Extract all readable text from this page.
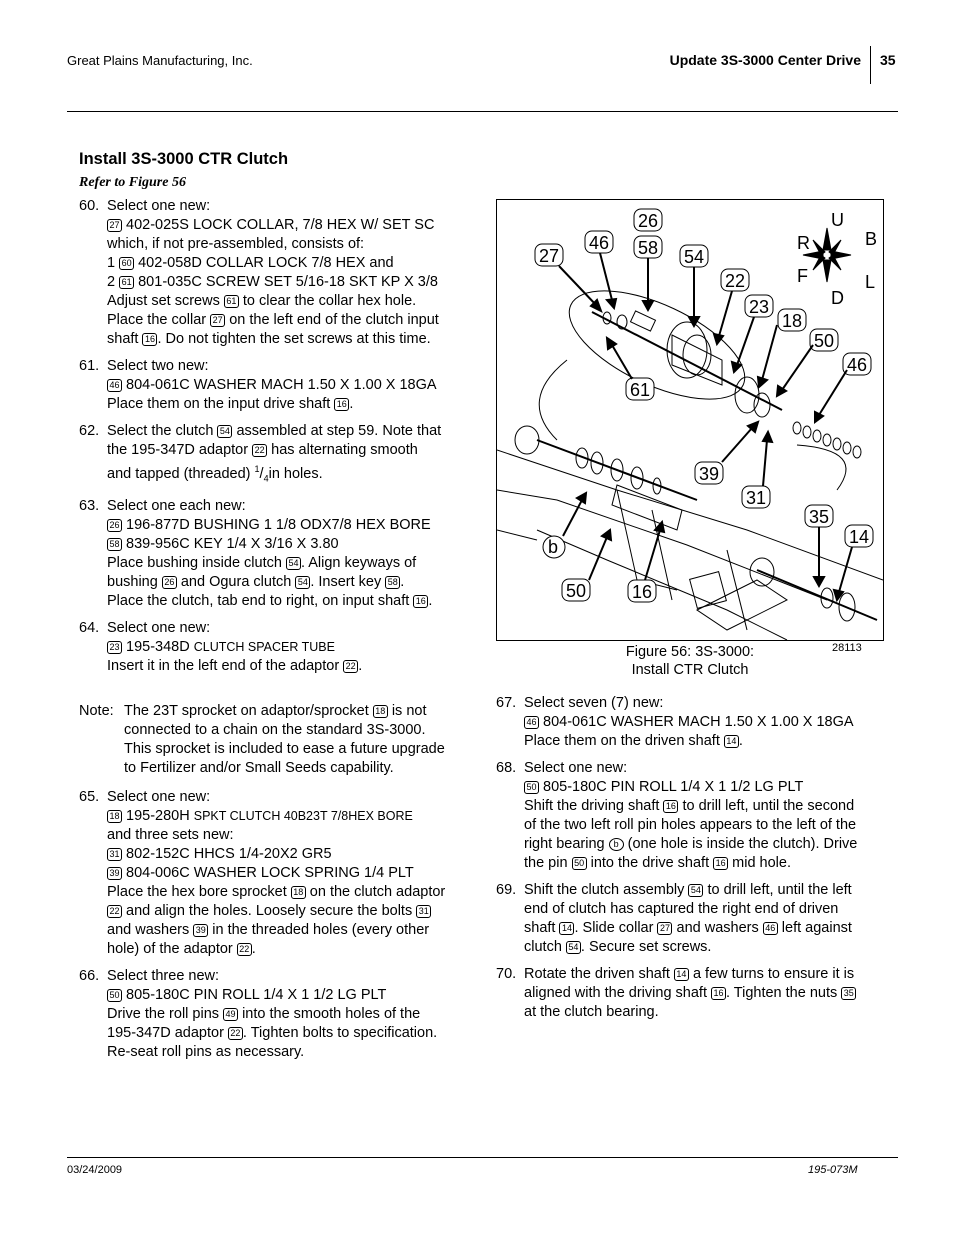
Great Plains Manufacturing, Inc.	Update 3S-3000 Center Drive 35
Install 3S-3000 CTR Clutch
Refer to Figure 56
60. Select one new:
27 402-025S LOCK COLLAR, 7/8 HEX W/ SET SC
which, if not pre-assembled, consists of:
1 60 402-058D COLLAR LOCK 7/8 HEX and
2 61 801-035C SCREW SET 5/16-18 SKT KP X 3/8
Adjust set screws 61 to clear the collar hex hole.
Place the collar 27 on the left end of the clutch input
shaft 16 . Do not tighten the set screws at this time.
61. Select two new:
46 804-061C WASHER MACH 1.50 X 1.00 X 18GA
Place them on the input drive shaft 16 .
62. Select the clutch 54 assembled at step 59. Note that
the 195-347D adaptor 22 has alternating smooth
and tapped (threaded) $^1/_4in$ holes.
63. Select one each new:
26 196-877D BUSHING 1 1/8 ODX7/8 HEX BORE
58 839-956C KEY 1/4 X 3/16 X 3.80
Place bushing inside clutch 54 . Align keyways of
bushing 26 and Ogura clutch 54 . Insert key 58 .
Place the clutch, tab end to right, on input shaft 16 .
64. Select one new:
23 195-348D CLUTCH SPACER TUBE
Insert it in the left end of the adaptor 22 .
Note: The 23T sprocket on adaptor/sprocket 18 is not
connected to a chain on the standard 3S-3000.
This sprocket is included to ease a future upgrade
to Fertilizer and/or Small Seeds capability.
65. Select one new:
18 195-280H SPKT CLUTCH 40B23T 7/8HEX BORE
and three sets new:
31 802-152C HHCS 1/4-20X2 GR5
39 804-006C WASHER LOCK SPRING 1/4 PLT
Place the hex bore sprocket 18 on the clutch adaptor
22 and align the holes. Loosely secure the bolts 31
and washers 39 in the threaded holes (every other
hole) of the adaptor 22 .
66. Select three new:
50 805-180C PIN ROLL 1/4 X 1 1/2 LG PLT
Drive the roll pins 49 into the smooth holes of the
195-347D adaptor 22 . Tighten bolts to specification.
Re-seat roll pins as necessary.
U
R	B
F	L
D
26
58
27
46
54
22
23
18
50
46
61
39
31
35
14
b
50	16
Figure 56: 3S-3000:
Install CTR Clutch
28113
67. Select seven (7) new:
46 804-061C WASHER MACH 1.50 X 1.00 X 18GA
Place them on the driven shaft 14 .
68. Select one new:
50 805-180C PIN ROLL 1/4 X 1 1/2 LG PLT
Shift the driving shaft 16 to drill left, until the second
of the two left roll pin holes appears to the left of the
right bearing b (one hole is inside the clutch). Drive
the pin 50 into the drive shaft 16 mid hole.
69. Shift the clutch assembly 54 to drill left, until the left
end of clutch has captured the right end of driven
shaft 14 . Slide collar 27 and washers 46 left against
clutch 54 . Secure set screws.
70. Rotate the driven shaft 14 a few turns to ensure it is
aligned with the driving shaft 16 . Tighten the nuts 35
at the clutch bearing.
03/24/2009	195-073M
